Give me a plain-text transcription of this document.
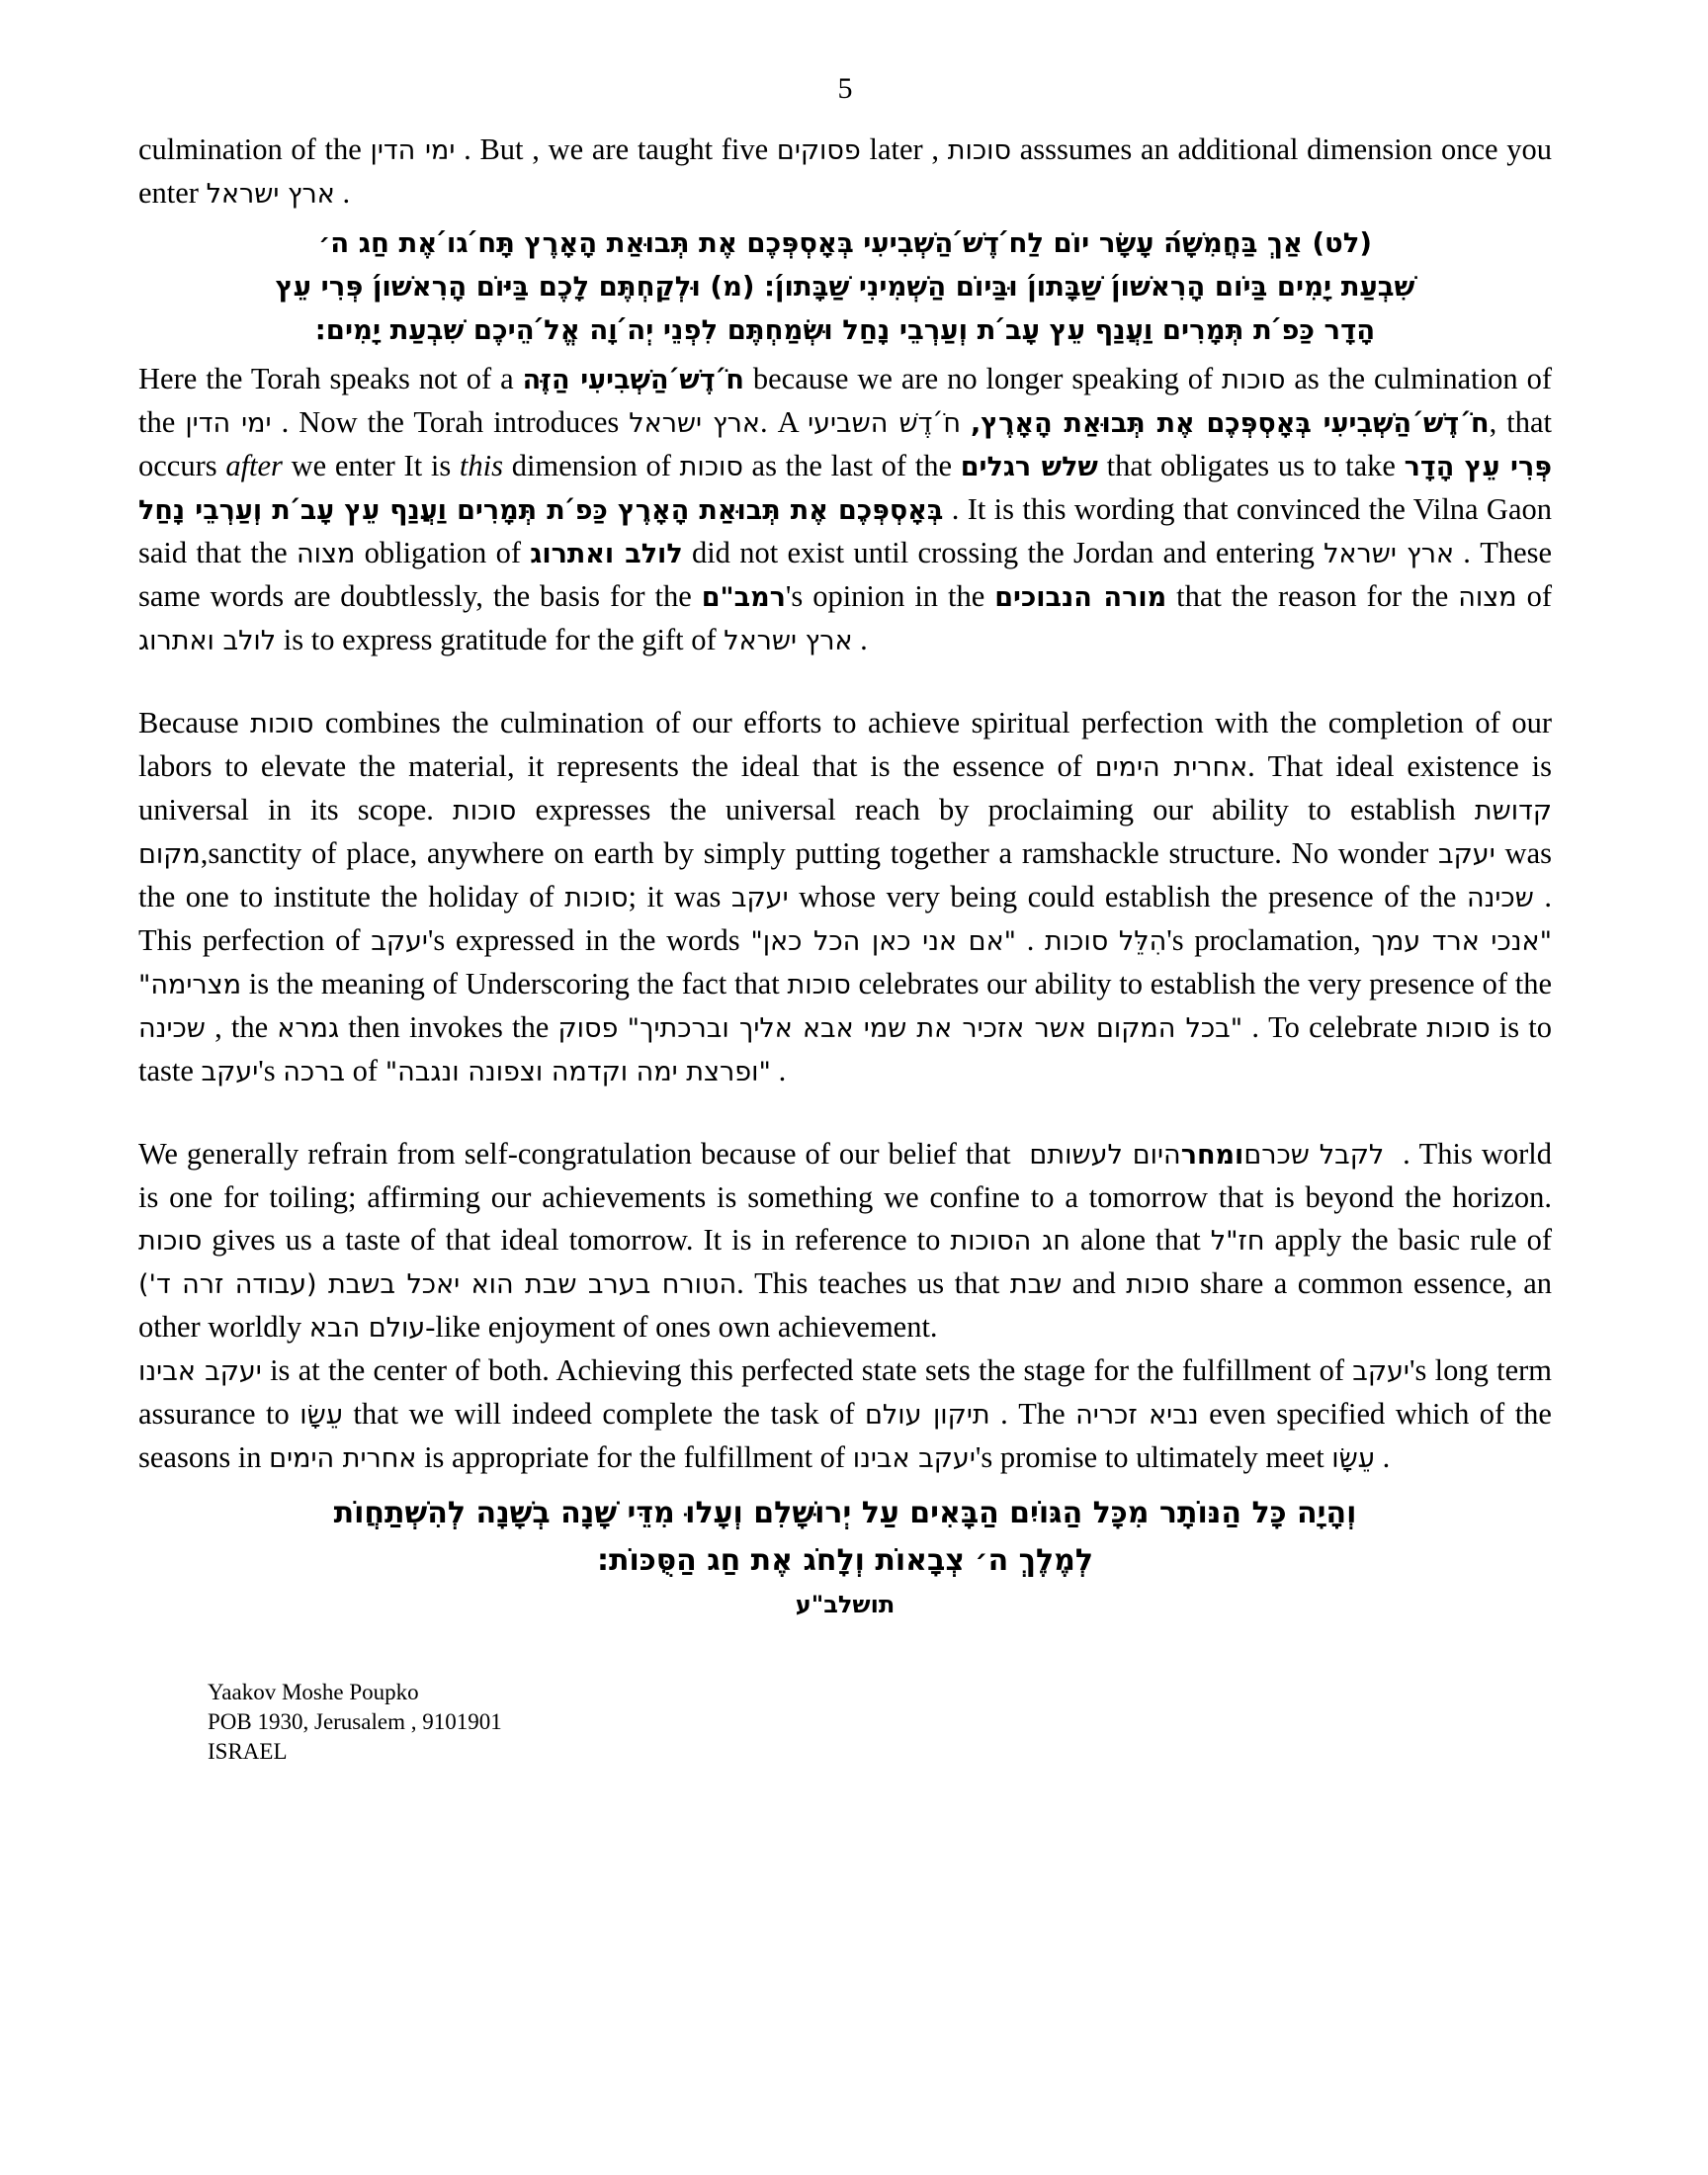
5

culmination of the ימי הדין . But , we are taught five פסוקים later , סוכות asssumes an additional dimension once you enter ארץ ישראל .

(לט) אַךְ בַּחֲמִשָׁ́ה עָשָׂר יוֹם לַח́ דֶשׁ́ הַשְׁבִיעִי בְּאָסְפְּכֶם אֶת תְּבוּאַת הָאָרֶץ תָּח́ גו́ אֶת חַג ה׳
שִׁבְעַת יָמִים בַּיֹום הָרִאשׁו́ן שַׁבָּתו́ן וּבַּיוֹם הַשְׁמִינִי שַׁבָּתו́ן: (מ) וּלְקַחְתֶּם לָכֶם בַּיּוֹם הָרִאשׁו́ן פְּרִי עֵץ
הָדָר כַּפ́ ת תְּמָרִים וַעֲנַף עֵץ עָב́ ת וְעַרְבֵי נָחַל וּשְׂמַחְתֶּם לִפְנֵי יְה́ וָה אֱל́ הֵיכֶם שִׁבְעַת יָמִים:

Here the Torah speaks not of a חֹ́ דֶשׁ́ הַשְׁבִיעִי הַזֶּה because we are no longer speaking of סוכות as the culmination of the ימי הדין . Now the Torah introduces ארץ ישראל. A חֹ́ דֶשׁ השביעי חֹ́ דֶשׁ́ הַשְׁבִיעִי בְּאָסְפְּכֶם אֶת תְּבוּאַת הָאָרֶץ,, that occurs after we enter It is this dimension of סוכות as the last of the שלש רגלים that obligates us to take פְּרִי עֵץ הָדָר בְּאָסְפְּכֶם אֶת תְּבוּאַת הָאָרֶץ כַּפ́ ת תְּמָרִים וַעֲנַף עֵץ עָב́ ת וְעַרְבֵי נָחַל . It is this wording that convinced the Vilna Gaon said that the מצוה obligation of לולב ואתרוג did not exist until crossing the Jordan and entering ארץ ישראל . These same words are doubtlessly, the basis for the רמב"ם's opinion in the מורה הנבוכים that the reason for the מצוה of לולב ואתרוג is to express gratitude for the gift of ארץ ישראל .

Because סוכות combines the culmination of our efforts to achieve spiritual perfection with the completion of our labors to elevate the material, it represents the ideal that is the essence of אחרית הימים. That ideal existence is universal in its scope. סוכות expresses the universal reach by proclaiming our ability to establish קדושת מקום,sanctity of place, anywhere on earth by simply putting together a ramshackle structure. No wonder יעקב was the one to institute the holiday of סוכות; it was יעקב whose very being could establish the presence of the שכינה . This perfection of יעקב's expressed in the words "אם אני כאן הכל כאן" . סוכות הִלֵּל's proclamation, "אנכי ארד עמך מצרימה" is the meaning of Underscoring the fact that סוכות celebrates our ability to establish the very presence of the שכינה , the גמרא then invokes the פסוק "בכל המקום אשר אזכיר את שמי אבא אליך וברכתיך" . To celebrate סוכות is to taste יעקב's ברכה of "ופרצת ימה וקדמה וצפונה ונגבה" .

We generally refrain from self-congratulation because of our belief that היום לעשותם ומחר לקבל שכרם . This world is one for toiling; affirming our achievements is something we confine to a tomorrow that is beyond the horizon. סוכות gives us a taste of that ideal tomorrow. It is in reference to חג הסוכות alone that חז"ל apply the basic rule of הטורח בערב שבת הוא יאכל בשבת (עבודה זרה ד'). This teaches us that שבת and סוכות share a common essence, an other worldly עולם הבא-like enjoyment of ones own achievement.

יעקב אבינו is at the center of both. Achieving this perfected state sets the stage for the fulfillment of יעקב's long term assurance to עֵשָׂו that we will indeed complete the task of תיקון עולם . The נביא זכריה even specified which of the seasons in אחרית הימים is appropriate for the fulfillment of יעקב אבינו's promise to ultimately meet עֵשָׂו .

וְהָיָה כָּל הַנּוֹתָר מִכָּל הַגּוֹיִם הַבָּאִים עַל יְרוּשָׁלִם וְעָלוּ מִדֵּי שָׁנָה בְשָׁנָה לְהִשְׁתַחֲוֹת
לְמֶלֶךְ ה׳ צְבָאוֹת וְלָחֹג אֶת חַג הַסֻּכּוֹת:
תושלב"ע
Yaakov Moshe Poupko
POB 1930, Jerusalem , 9101901
ISRAEL
